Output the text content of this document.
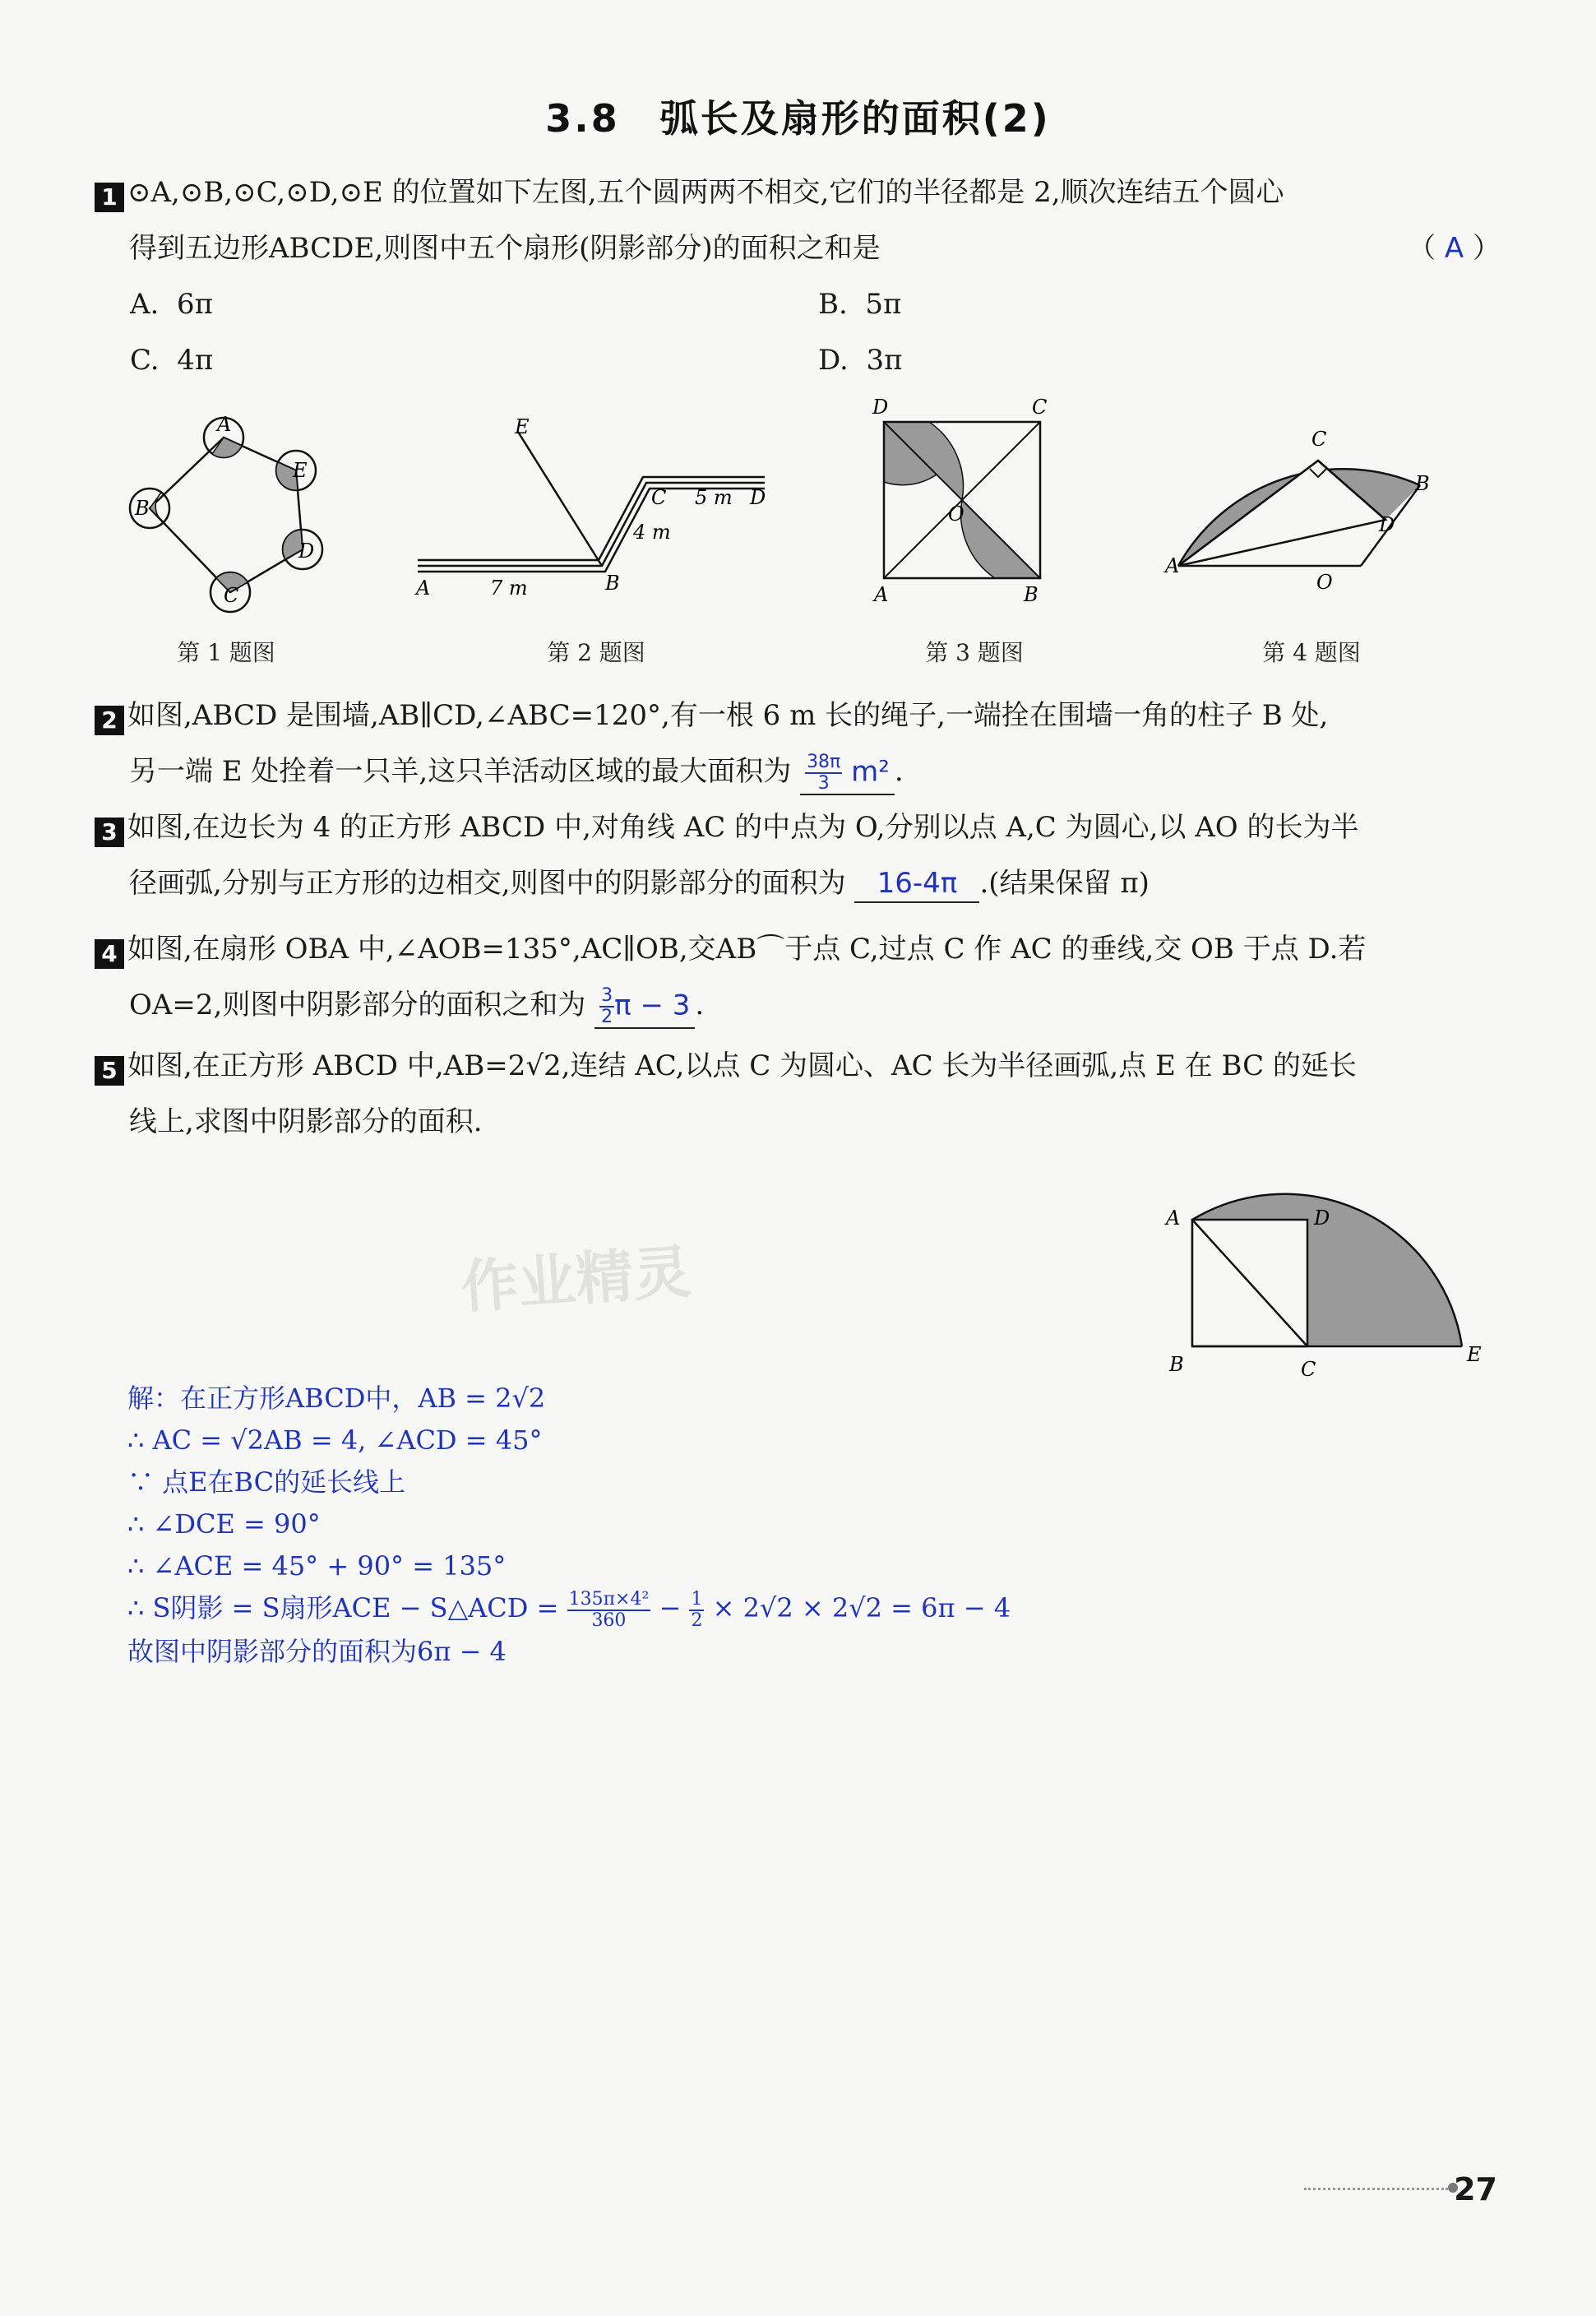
3.8　弧长及扇形的面积(2)
1 ⊙A,⊙B,⊙C,⊙D,⊙E 的位置如下左图,五个圆两两不相交,它们的半径都是 2,顺次连结五个圆心
得到五边形ABCDE,则图中五个扇形(阴影部分)的面积之和是	（ A ）
A. 6π	B. 5π
C. 4π	D. 3π
A
B
C
D
E
E
A	7 m	B
C 5 m D
4 m
D	C
O
A	B
C
B
D
A
O
第 1 题图	第 2 题图	第 3 题图	第 4 题图
2 如图,ABCD 是围墙,AB∥CD,∠ABC=120°,有一根 6 m 长的绳子,一端拴在围墙一角的柱子 B 处,
另一端 E 处拴着一只羊,这只羊活动区域的最大面积为 $\frac{38\pi}{3} m^2$ .
3 如图,在边长为 4 的正方形 ABCD 中,对角线 AC 的中点为 O,分别以点 A,C 为圆心,以 AO 的长为半
径画弧,分别与正方形的边相交,则图中的阴影部分的面积为 16-4π .(结果保留 π)
4 如图,在扇形 OBA 中,∠AOB=135°,AC∥OB,交AB⌒于点 C,过点 C 作 AC 的垂线,交 OB 于点 D.若
OA=2,则图中阴影部分的面积之和为 $\frac{3}{2}$ π − 3 .
5 如图,在正方形 ABCD 中,AB=2√2,连结 AC,以点 C 为圆心、AC 长为半径画弧,点 E 在 BC 的延长
线上,求图中阴影部分的面积.
A	D
B	C
E
作业精灵
解：在正方形ABCD中，AB = 2√2
∴ AC = √2AB = 4, ∠ACD = 45°
∵ 点E在BC的延长线上
∴ ∠DCE = 90°
∴ ∠ACE = 45° + 90° = 135°
∴ S阴影 = S扇形ACE − S△ACD = $\frac{\text{135π×4²}}{360} - \frac{1}{2} \times 2√2 \times 2√2 = 6\pi - 4$
故图中阴影部分的面积为6π − 4
27
